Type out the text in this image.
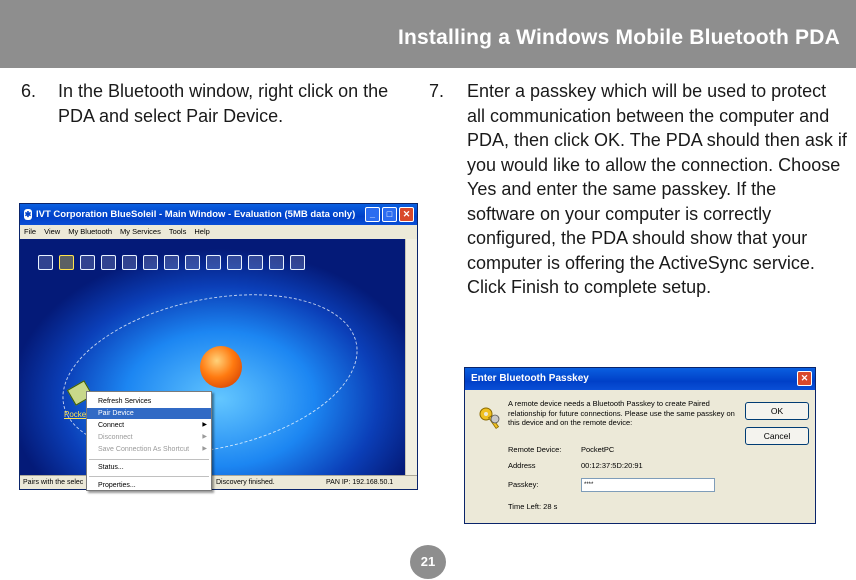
Installing a Windows Mobile Bluetooth PDA
6. In the Bluetooth window, right click on the PDA and select Pair Device.
7. Enter a passkey which will be used to protect all communication between the computer and PDA, then click OK. The PDA should then ask if you would like to allow the connection. Choose Yes and enter the same passkey. If the software on your computer is correctly configured, the PDA should show that your computer is offering the ActiveSync service. Click Finish to complete setup.
✱ IVT Corporation BlueSoleil - Main Window - Evaluation (5MB data only)	_	□	✕
File View My Bluetooth My Services Tools Help
Pocke
Pairs with the selec	Discovery finished.	PAN IP: 192.168.50.1
Refresh Services
Pair Device
Connect	▶
Disconnect	▶
Save Connection As Shortcut ▶
Status...
Properties...
Enter Bluetooth Passkey	✕
A remote device needs a Bluetooth Passkey to create Paired relationship for future connections. Please use the same passkey on this device and on the remote device:
OK
Cancel
Remote Device:	PocketPC
Address	00:12:37:5D:20:91
Passkey:	****
Time Left: 28 s
21
